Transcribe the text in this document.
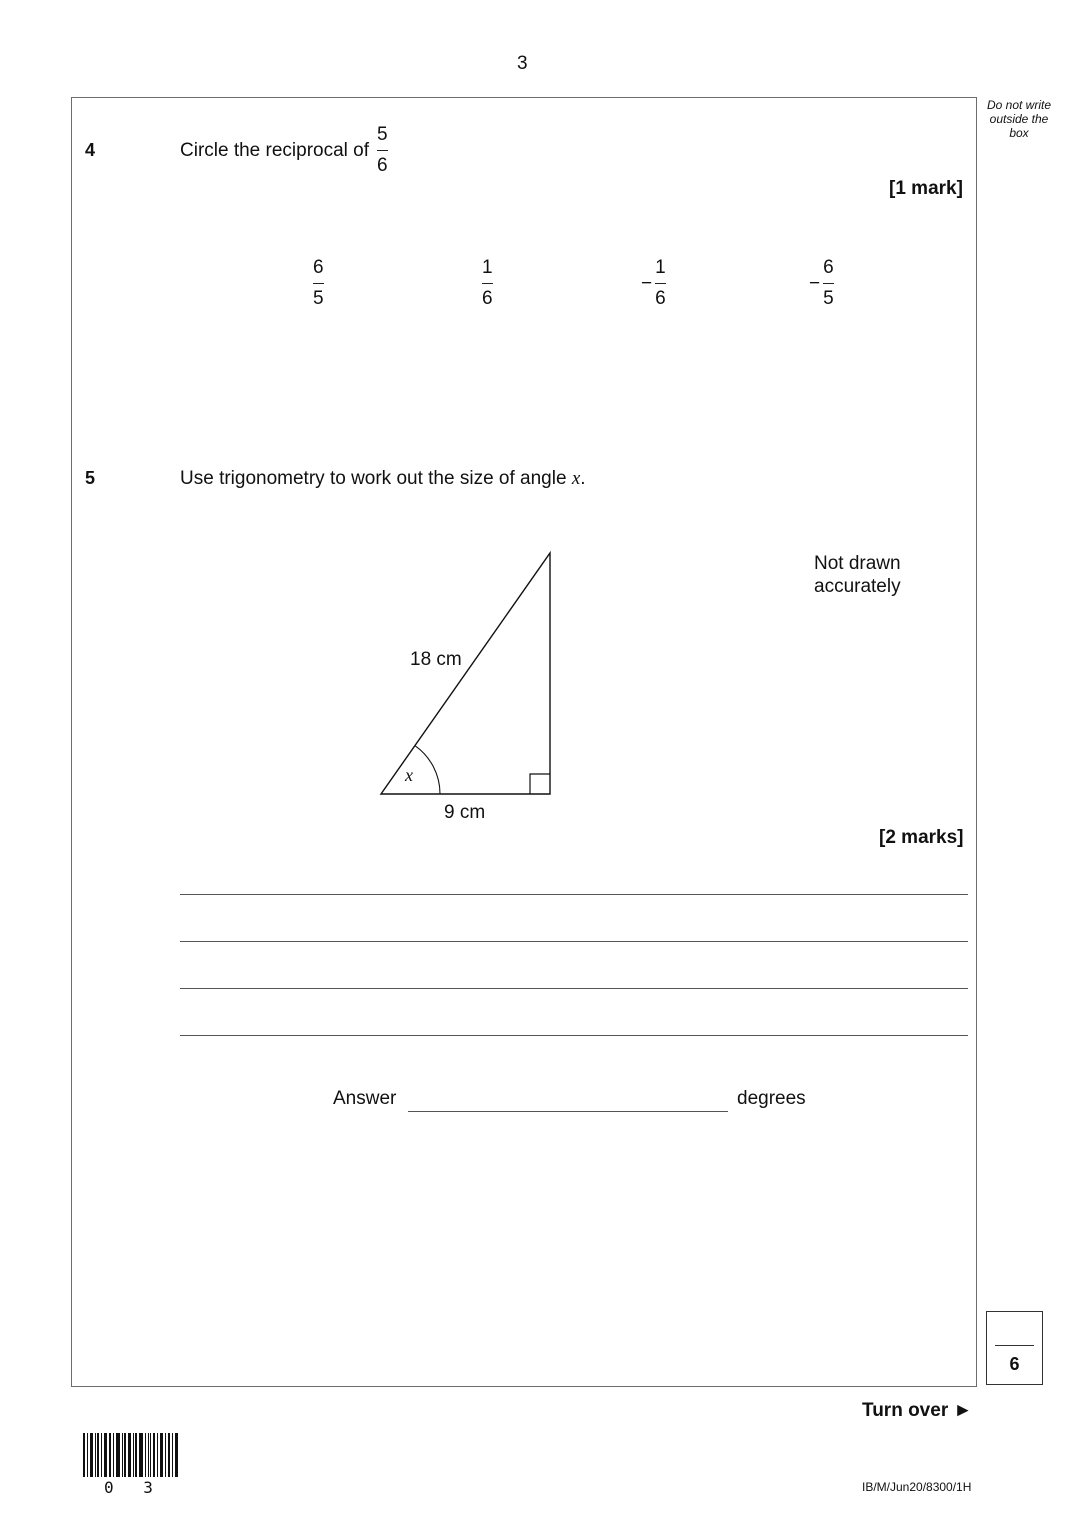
3
Do not write
outside the
box
4	Circle the reciprocal of $\frac{5}{6}$
[1 mark]
$\frac{6}{5}$	$\frac{1}{6}$	− $\frac{1}{6}$	− $\frac{6}{5}$
5	Use trigonometry to work out the size of angle x.
Not drawn
accurately
18 cm
x
9 cm
[2 marks]
Answer	degrees
6
Turn over ►
0 3	IB/M/Jun20/8300/1H
